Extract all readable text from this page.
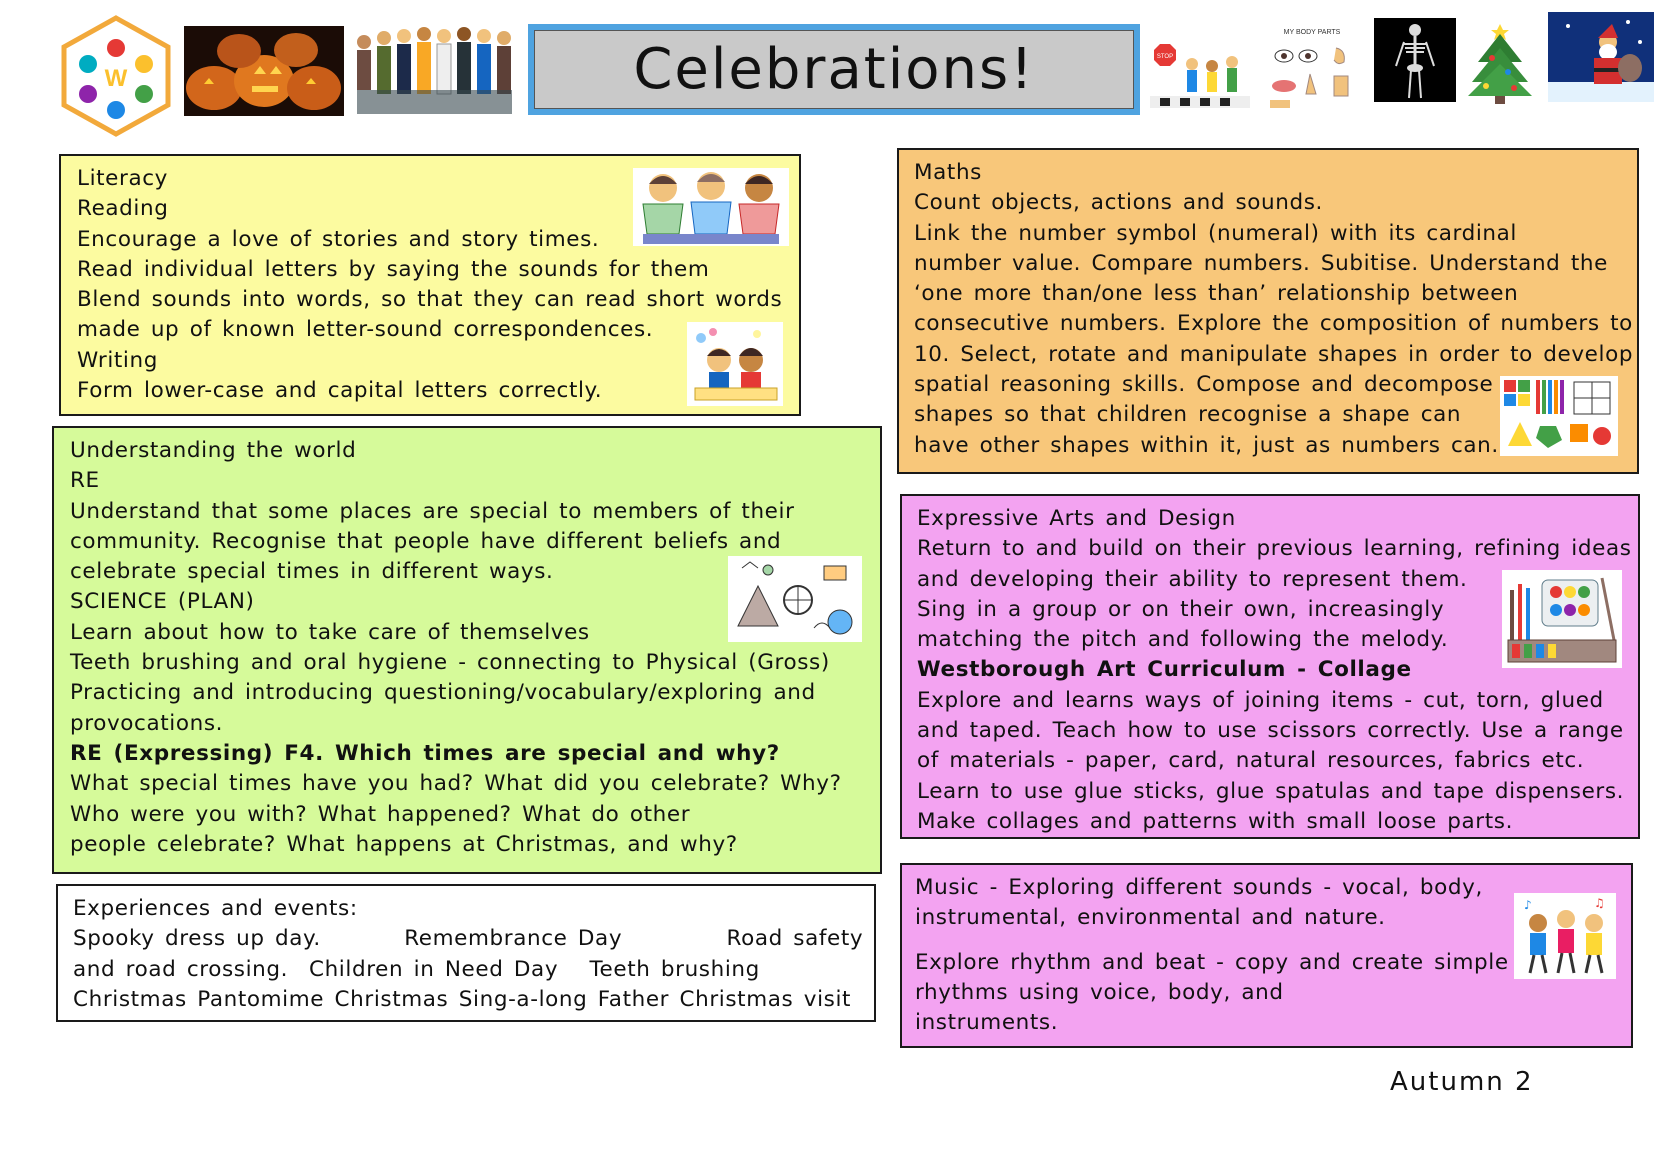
W	Celebrations!	STOP
MY BODY PARTS
Literacy
Reading
Encourage a love of stories and story times.
Read individual letters by saying the sounds for them
Blend sounds into words, so that they can read short words
made up of known letter-sound correspondences.
Writing
Form lower-case and capital letters correctly.
Understanding the world
RE
Understand that some places are special to members of their
community. Recognise that people have different beliefs and
celebrate special times in different ways.
SCIENCE (PLAN)
Learn about how to take care of themselves
Teeth brushing and oral hygiene - connecting to Physical (Gross)
Practicing and introducing questioning/vocabulary/exploring and
provocations.
RE (Expressing) F4. Which times are special and why?
What special times have you had? What did you celebrate? Why?
Who were you with? What happened? What do other
people celebrate? What happens at Christmas, and why?
Experiences and events:
Spooky dress up day.        Remembrance Day          Road safety
and road crossing.  Children in Need Day   Teeth brushing
Christmas Pantomime Christmas Sing-a-long Father Christmas visit
Maths
Count objects, actions and sounds.
Link the number symbol (numeral) with its cardinal
number value. Compare numbers. Subitise. Understand the
‘one more than/one less than’ relationship between
consecutive numbers. Explore the composition of numbers to
10. Select, rotate and manipulate shapes in order to develop
spatial reasoning skills. Compose and decompose
shapes so that children recognise a shape can
have other shapes within it, just as numbers can.
Expressive Arts and Design
Return to and build on their previous learning, refining ideas
and developing their ability to represent them.
Sing in a group or on their own, increasingly
matching the pitch and following the melody.
Westborough Art Curriculum - Collage
Explore and learns ways of joining items - cut, torn, glued
and taped. Teach how to use scissors correctly. Use a range
of materials - paper, card, natural resources, fabrics etc.
Learn to use glue sticks, glue spatulas and tape dispensers.
Make collages and patterns with small loose parts.
Music - Exploring different sounds - vocal, body,
instrumental, environmental and nature.
Explore rhythm and beat - copy and create simple
rhythms using voice, body, and
instruments.
♪	♫
Autumn 2
